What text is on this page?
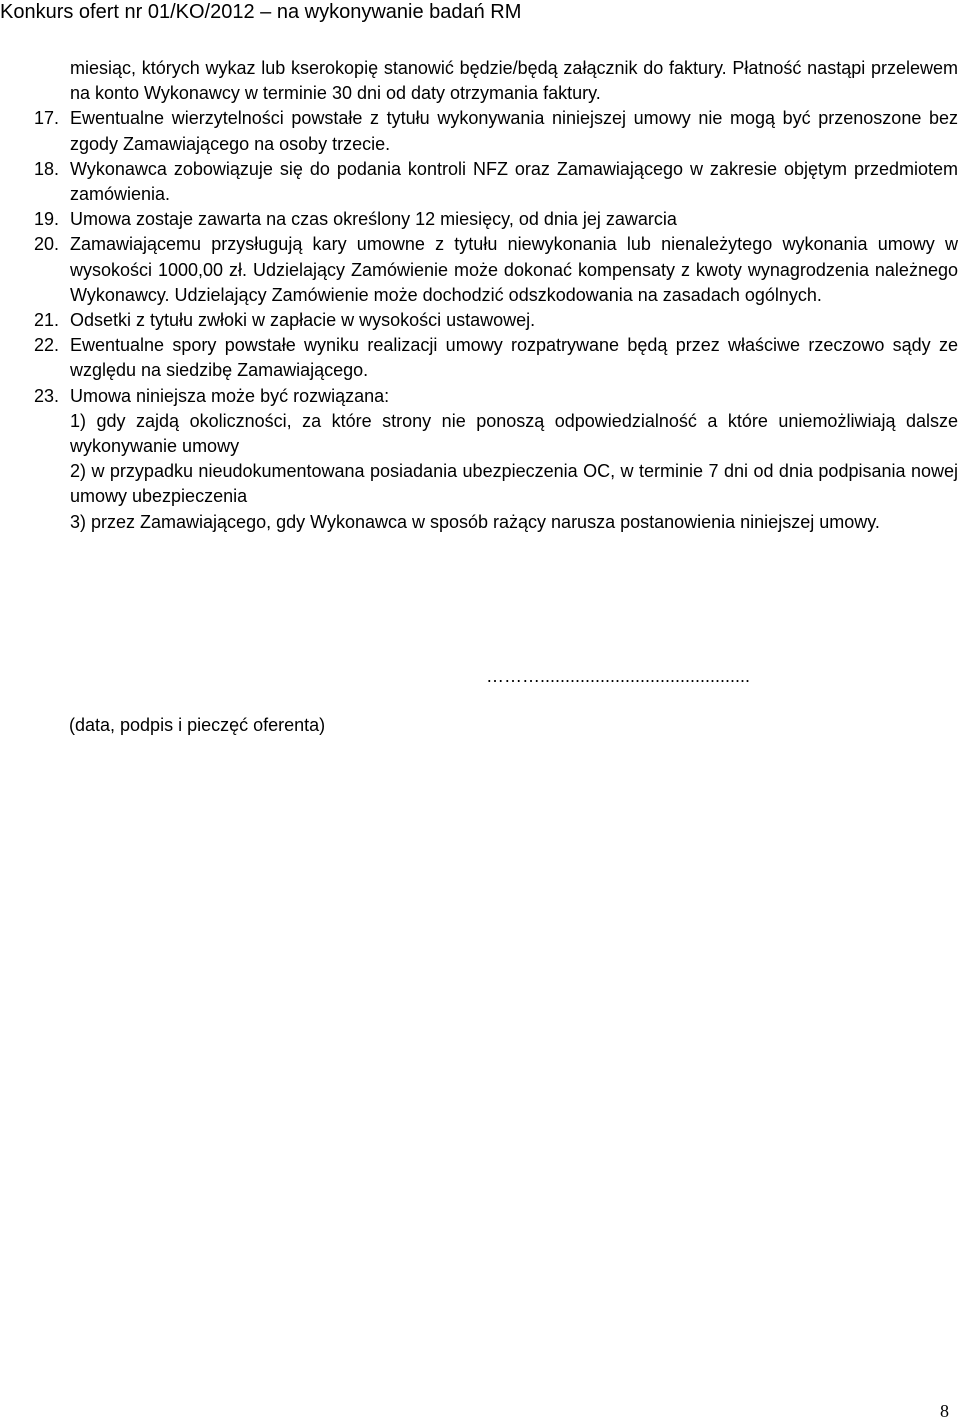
Konkurs ofert nr 01/KO/2012 – na wykonywanie badań RM
miesiąc, których wykaz lub kserokopię stanowić będzie/będą załącznik do faktury. Płatność nastąpi przelewem na konto Wykonawcy w terminie 30 dni od daty otrzymania faktury.
17. Ewentualne wierzytelności powstałe z tytułu wykonywania niniejszej umowy nie mogą być przenoszone bez zgody Zamawiającego na osoby trzecie.
18. Wykonawca zobowiązuje się do podania kontroli NFZ oraz Zamawiającego w zakresie objętym przedmiotem zamówienia.
19. Umowa zostaje zawarta na czas określony 12 miesięcy, od dnia jej zawarcia
20. Zamawiającemu przysługują kary umowne z tytułu niewykonania lub nienależytego wykonania umowy w wysokości 1000,00 zł. Udzielający Zamówienie może dokonać kompensaty z kwoty wynagrodzenia należnego Wykonawcy. Udzielający Zamówienie może dochodzić odszkodowania na zasadach ogólnych.
21. Odsetki z tytułu zwłoki w zapłacie w wysokości ustawowej.
22. Ewentualne spory powstałe wyniku realizacji umowy rozpatrywane będą przez właściwe rzeczowo sądy ze względu na siedzibę Zamawiającego.
23. Umowa niniejsza może być rozwiązana:
1) gdy zajdą okoliczności, za które strony nie ponoszą odpowiedzialność a które uniemożliwiają dalsze wykonywanie umowy
2) w przypadku nieudokumentowana posiadania ubezpieczenia OC, w terminie 7 dni od dnia podpisania nowej umowy ubezpieczenia
3) przez Zamawiającego, gdy Wykonawca w sposób rażący narusza postanowienia niniejszej umowy.
………..........................................
(data, podpis i pieczęć oferenta)
8
